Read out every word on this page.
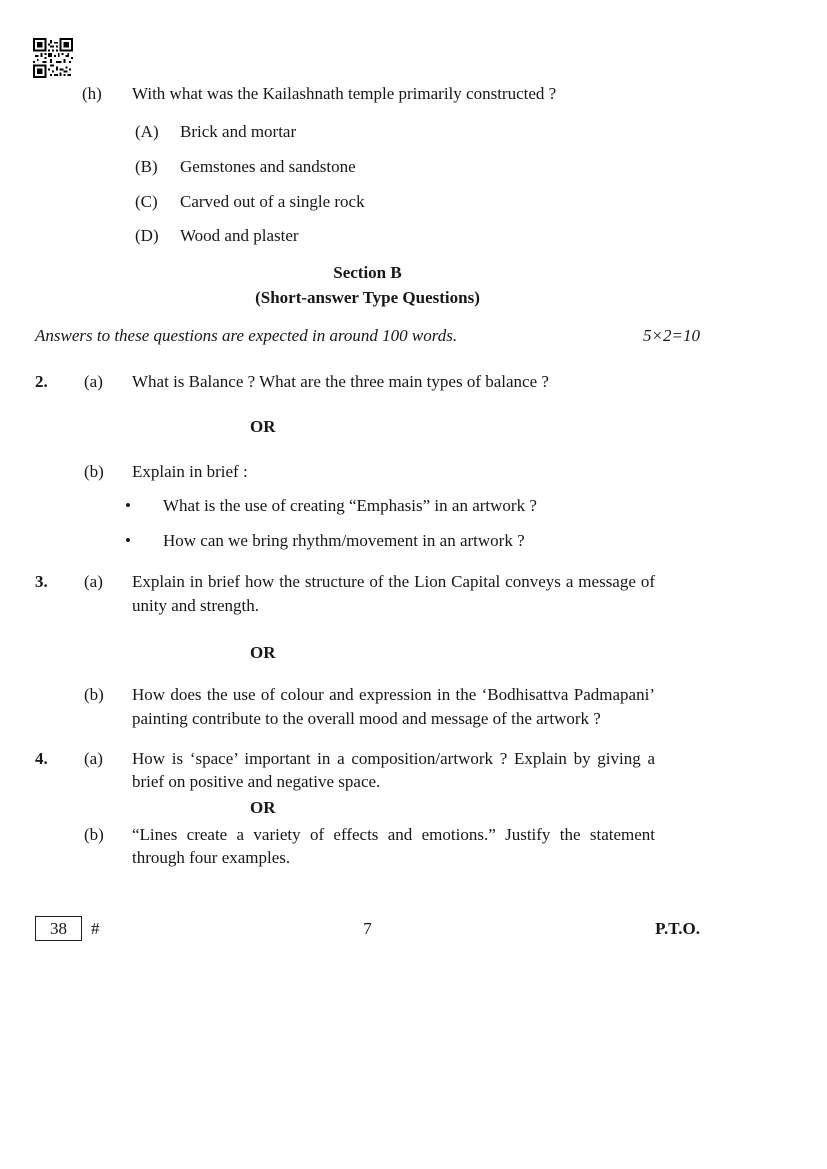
(h)	With what was the Kailashnath temple primarily constructed ?
(A)	Brick and mortar
(B)	Gemstones and sandstone
(C)	Carved out of a single rock
(D)	Wood and plaster
Section B
(Short-answer Type Questions)
Answers to these questions are expected in around 100 words.	5×2=10
2.	(a)	What is Balance ? What are the three main types of balance ?
OR
(b)	Explain in brief :
•	What is the use of creating “Emphasis” in an artwork ?
•	How can we bring rhythm/movement in an artwork ?
3.	(a)	Explain in brief how the structure of the Lion Capital conveys a message of unity and strength.
OR
(b)	How does the use of colour and expression in the ‘Bodhisattva Padmapani’ painting contribute to the overall mood and message of the artwork ?
4.	(a)	How is ‘space’ important in a composition/artwork ? Explain by giving a brief on positive and negative space.
OR
(b)	“Lines create a variety of effects and emotions.” Justify the statement through four examples.
38	#	7	P.T.O.
